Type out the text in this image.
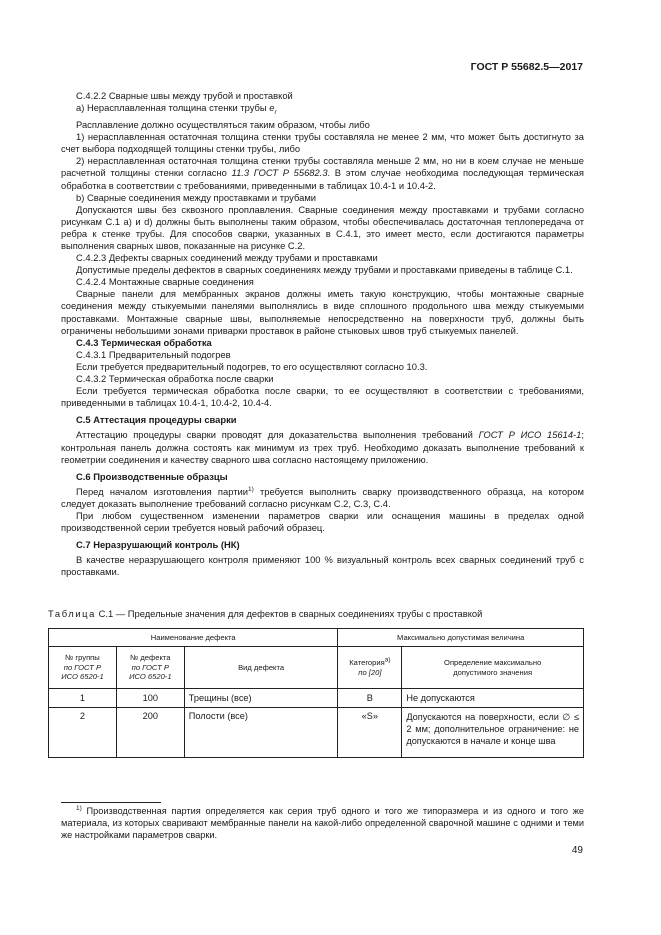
ГОСТ Р 55682.5—2017

C.4.2.2 Сварные швы между трубой и проставкой

а) Нерасплавленная толщина стенки трубы $e_r$

Расплавление должно осуществляться таким образом, чтобы либо

1) нерасплавленная остаточная толщина стенки трубы составляла не менее 2 мм, что может быть достигнуто за счет выбора подходящей толщины стенки трубы, либо

2) нерасплавленная остаточная толщина стенки трубы составляла меньше 2 мм, но ни в коем случае не меньше расчетной толщины стенки согласно 11.3 ГОСТ Р 55682.3. В этом случае необходима последующая термическая обработка в соответствии с требованиями, приведенными в таблицах 10.4-1 и 10.4-2.

b) Сварные соединения между проставками и трубами

Допускаются швы без сквозного проплавления. Сварные соединения между проставками и трубами согласно рисункам С.1 а) и d) должны быть выполнены таким образом, чтобы обеспечивалась достаточная теплопередача от ребра к стенке трубы. Для способов сварки, указанных в С.4.1, это имеет место, если достигаются параметры выполнения сварных швов, показанные на рисунке С.2.

С.4.2.3 Дефекты сварных соединений между трубами и проставками

Допустимые пределы дефектов в сварных соединениях между трубами и проставками приведены в таблице С.1.

С.4.2.4 Монтажные сварные соединения

Сварные панели для мембранных экранов должны иметь такую конструкцию, чтобы монтажные сварные соединения между стыкуемыми панелями выполнялись в виде сплошного продольного шва между стыкуемыми проставками. Монтажные сварные швы, выполняемые непосредственно на поверхности труб, должны быть ограничены небольшими зонами приварки проставок в районе стыковых швов труб стыкуемых панелей.

С.4.3 Термическая обработка

С.4.3.1 Предварительный подогрев

Если требуется предварительный подогрев, то его осуществляют согласно 10.3.

С.4.3.2 Термическая обработка после сварки

Если требуется термическая обработка после сварки, то ее осуществляют в соответствии с требованиями, приведенными в таблицах 10.4-1, 10.4-2, 10.4-4.

С.5 Аттестация процедуры сварки

Аттестацию процедуры сварки проводят для доказательства выполнения требований ГОСТ Р ИСО 15614-1; контрольная панель должна состоять как минимум из трех труб. Необходимо доказать выполнение требований к геометрии соединения и качеству сварного шва согласно настоящему приложению.

С.6 Производственные образцы

Перед началом изготовления партии$^{1)}$ требуется выполнить сварку производственного образца, на котором следует доказать выполнение требований согласно рисункам С.2, С.3, С.4.

При любом существенном изменении параметров сварки или оснащения машины в пределах одной производственной серии требуется новый рабочий образец.

С.7 Неразрушающий контроль (НК)

В качестве неразрушающего контроля применяют 100 % визуальный контроль всех сварных соединений труб с проставками.

Таблица С.1 — Предельные значения для дефектов в сварных соединениях трубы с проставкой
Наименование дефекта			Максимально допустимая величина	
№ группы
по ГОСТ Р
ИСО 6520-1	№ дефекта
по ГОСТ Р
ИСО 6520-1	Вид дефекта	Категория$^{а)}$
по [20]	Определение максимально
допустимого значения
1	100	Трещины (все)	B	Не допускаются
2	200	Полости (все)	«S»	Допускаются на поверхности, если ∅ ≤ 2 мм; дополнительное ограничение: не допускаются в начале и конце шва

$^{1)}$ Производственная партия определяется как серия труб одного и того же типоразмера и из одного и того же материала, из которых сваривают мембранные панели на какой-либо определенной сварочной машине с одними и теми же настройками параметров сварки.

49
